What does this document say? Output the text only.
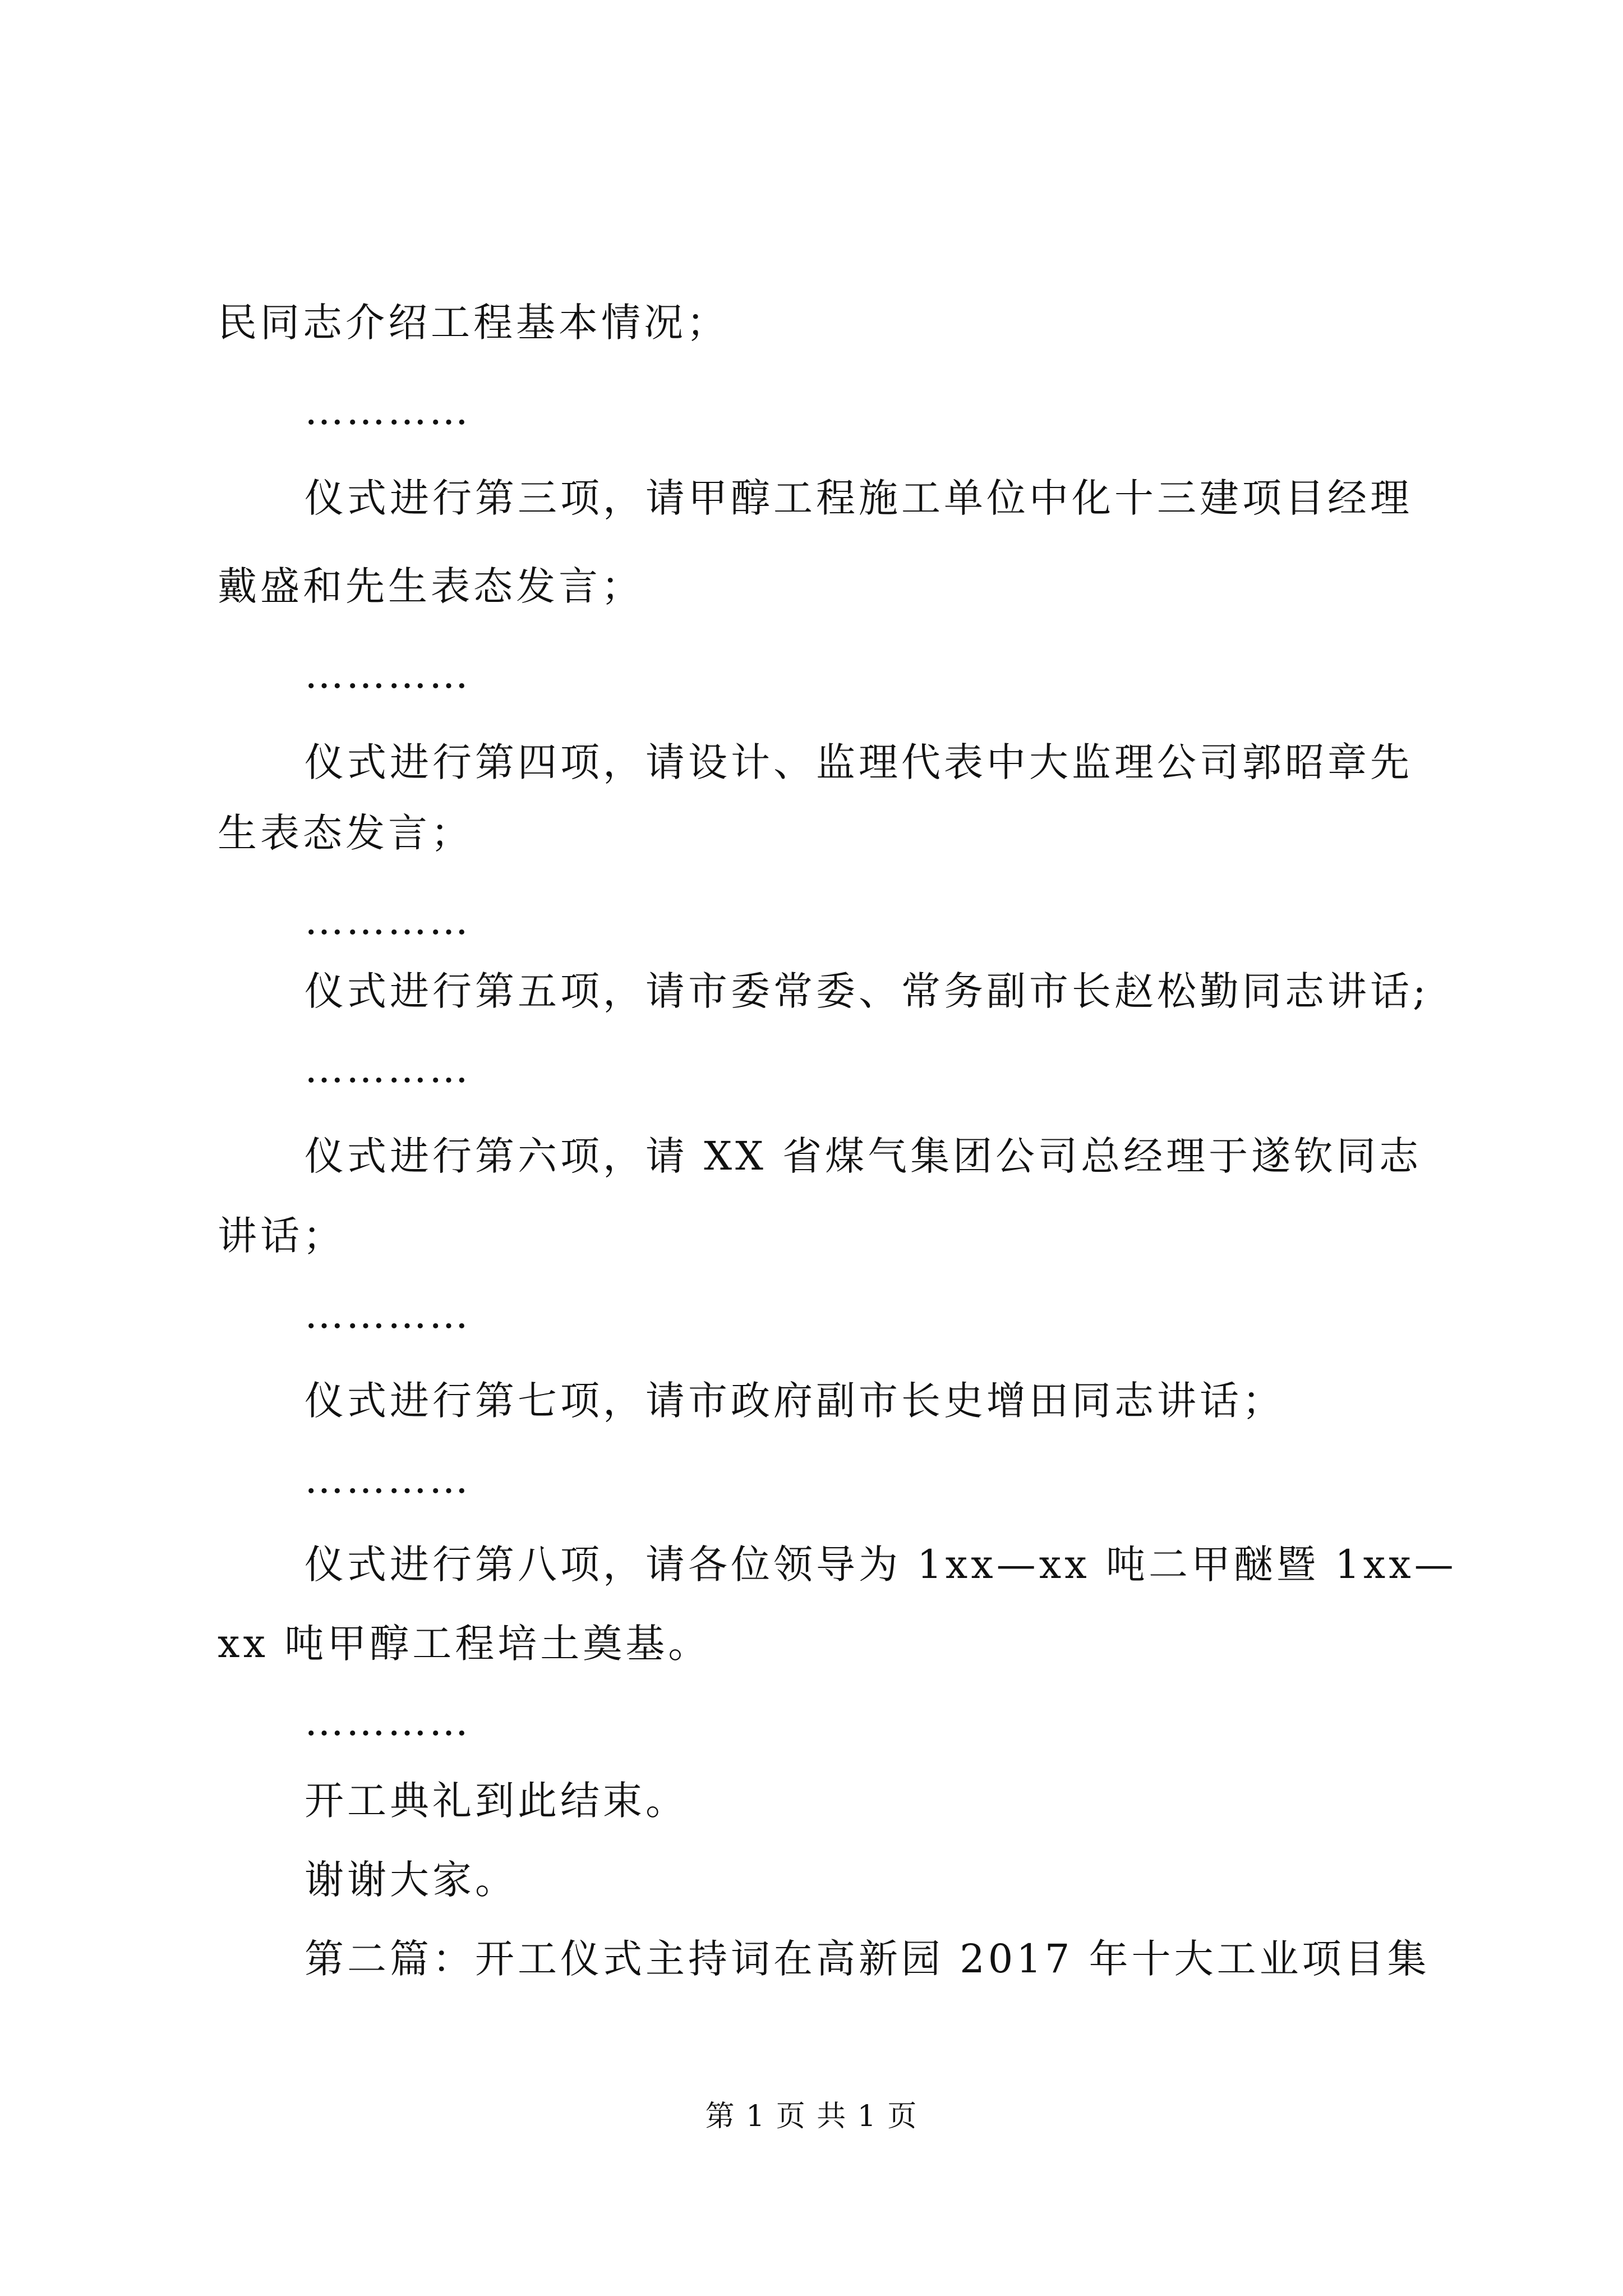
民同志介绍工程基本情况；
…………
仪式进行第三项，请甲醇工程施工单位中化十三建项目经理
戴盛和先生表态发言；
…………
仪式进行第四项，请设计、监理代表中大监理公司郭昭章先
生表态发言；
…………
仪式进行第五项，请市委常委、常务副市长赵松勤同志讲话;
…………
仪式进行第六项，请 XX 省煤气集团公司总经理于遂钦同志
讲话；
…………
仪式进行第七项，请市政府副市长史增田同志讲话；
…………
仪式进行第八项，请各位领导为 1xx—xx 吨二甲醚暨 1xx—
xx 吨甲醇工程培土奠基。
…………
开工典礼到此结束。
谢谢大家。
第二篇：开工仪式主持词在高新园 2017 年十大工业项目集
第 1 页 共 1 页
